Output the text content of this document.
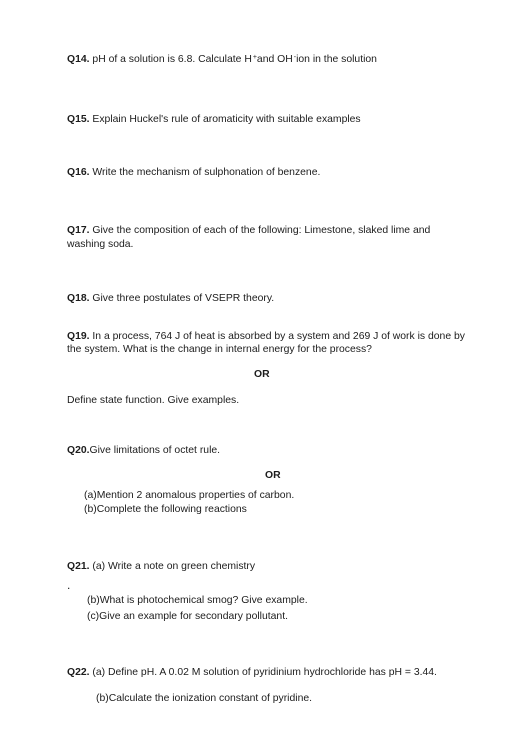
Q14. pH of a solution is 6.8. Calculate H+and OH-ion in the solution
Q15. Explain Huckel's rule of aromaticity with suitable examples
Q16. Write the mechanism of sulphonation of benzene.
Q17. Give the composition of each of the following: Limestone, slaked lime and
washing soda.
Q18. Give three postulates of VSEPR theory.
Q19. In a process, 764 J of heat is absorbed by a system and 269 J of work is done by
the system. What is the change in internal energy for the process?
OR
Define state function. Give examples.
Q20.Give limitations of octet rule.
OR
(a)Mention 2 anomalous properties of carbon.
(b)Complete the following reactions
Q21. (a) Write a note on green chemistry
.
(b)What is photochemical smog? Give example.
(c)Give an example for secondary pollutant.
Q22. (a) Define pH. A 0.02 M solution of pyridinium hydrochloride has pH = 3.44.
(b)Calculate the ionization constant of pyridine.
